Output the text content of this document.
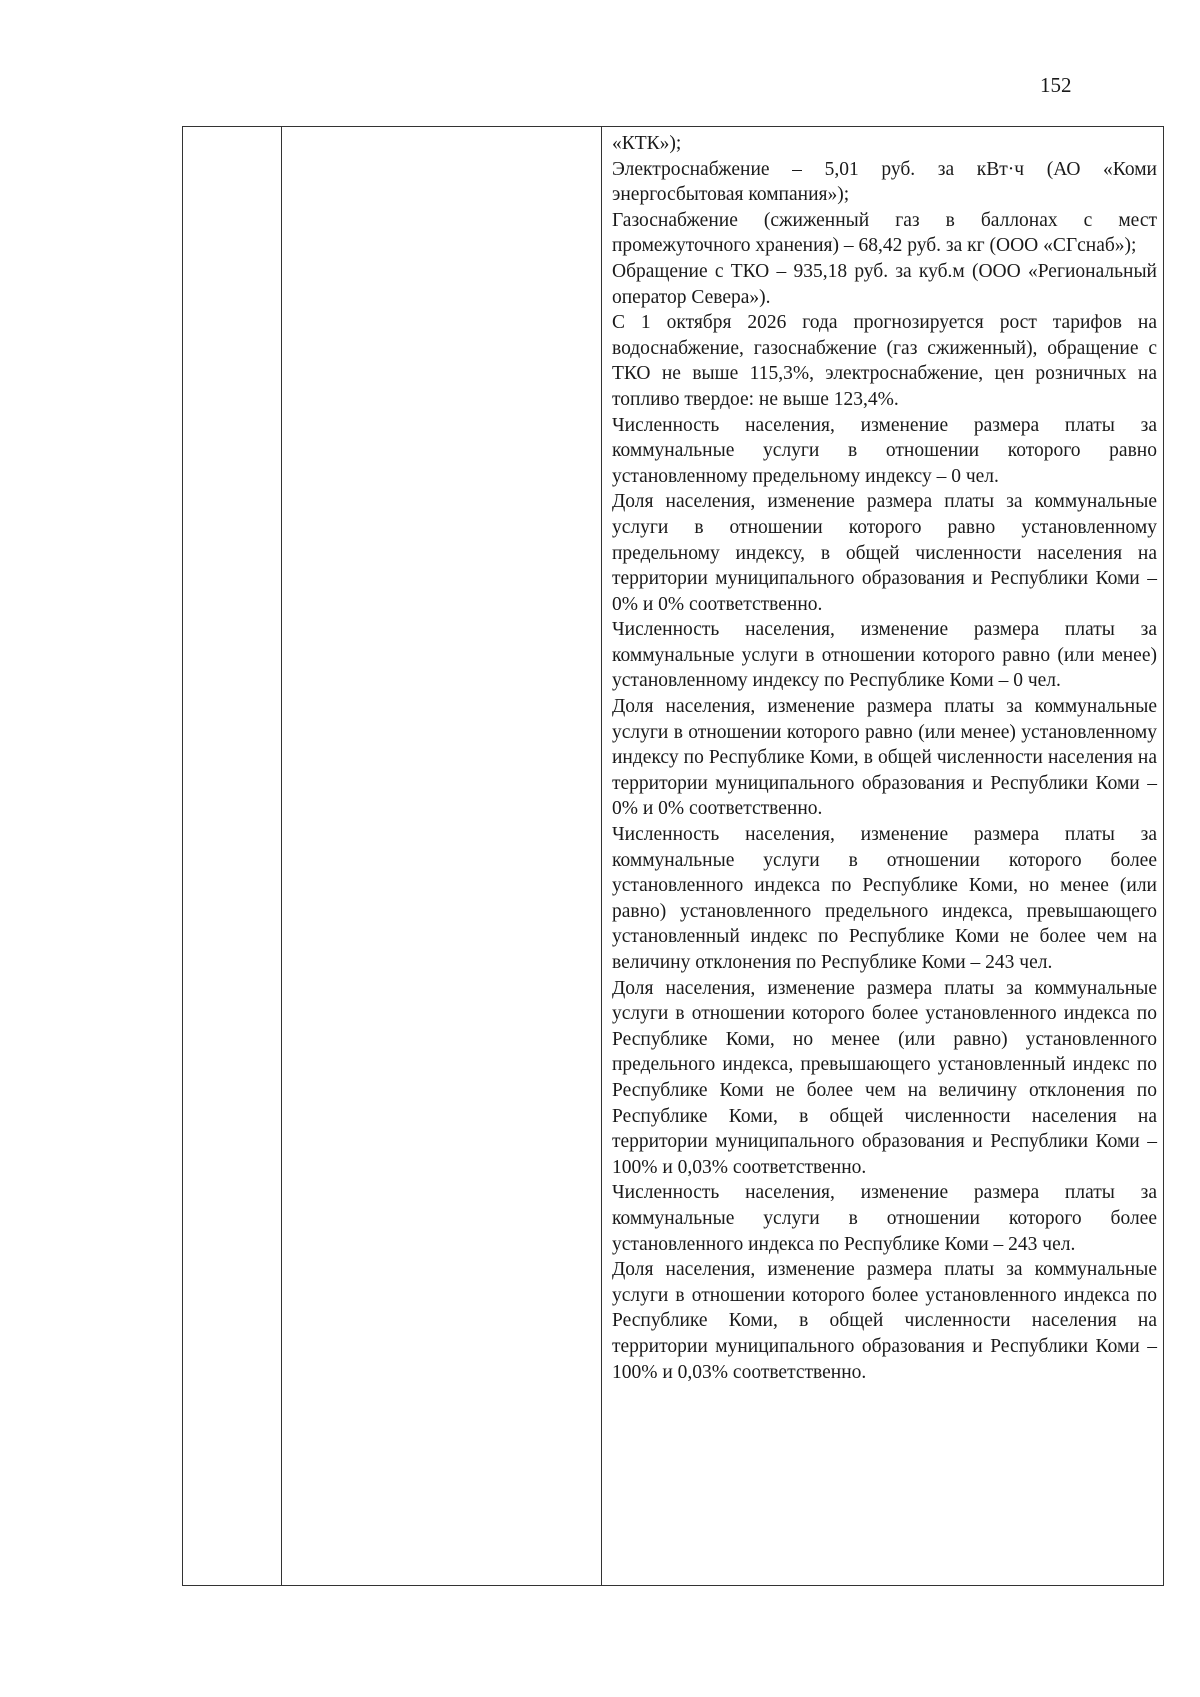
152

«КТК»);

Электроснабжение – 5,01 руб. за кВт·ч (АО «Коми энергосбытовая компания»);

Газоснабжение (сжиженный газ в баллонах с мест промежуточного хранения) – 68,42 руб. за кг (ООО «СГснаб»);

Обращение с ТКО – 935,18 руб. за куб.м (ООО «Региональный оператор Севера»).

С 1 октября 2026 года прогнозируется рост тарифов на водоснабжение, газоснабжение (газ сжиженный), обращение с ТКО не выше 115,3%, электроснабжение, цен розничных на топливо твердое: не выше 123,4%.

Численность населения, изменение размера платы за коммунальные услуги в отношении которого равно установленному предельному индексу – 0 чел.

Доля населения, изменение размера платы за коммунальные услуги в отношении которого равно установленному предельному индексу, в общей численности населения на территории муниципального образования и Республики Коми – 0% и 0% соответственно.

Численность населения, изменение размера платы за коммунальные услуги в отношении которого равно (или менее) установленному индексу по Республике Коми – 0 чел.

Доля населения, изменение размера платы за коммунальные услуги в отношении которого равно (или менее) установленному индексу по Республике Коми, в общей численности населения на территории муниципального образования и Республики Коми – 0% и 0% соответственно.

Численность населения, изменение размера платы за коммунальные услуги в отношении которого более установленного индекса по Республике Коми, но менее (или равно) установленного предельного индекса, превышающего установленный индекс по Республике Коми не более чем на величину отклонения по Республике Коми – 243 чел.

Доля населения, изменение размера платы за коммунальные услуги в отношении которого более установленного индекса по Республике Коми, но менее (или равно) установленного предельного индекса, превышающего установленный индекс по Республике Коми не более чем на величину отклонения по Республике Коми, в общей численности населения на территории муниципального образования и Республики Коми – 100% и 0,03% соответственно.

Численность населения, изменение размера платы за коммунальные услуги в отношении которого более установленного индекса по Республике Коми – 243 чел.

Доля населения, изменение размера платы за коммунальные услуги в отношении которого более установленного индекса по Республике Коми, в общей численности населения на территории муниципального образования и Республики Коми – 100% и 0,03% соответственно.
